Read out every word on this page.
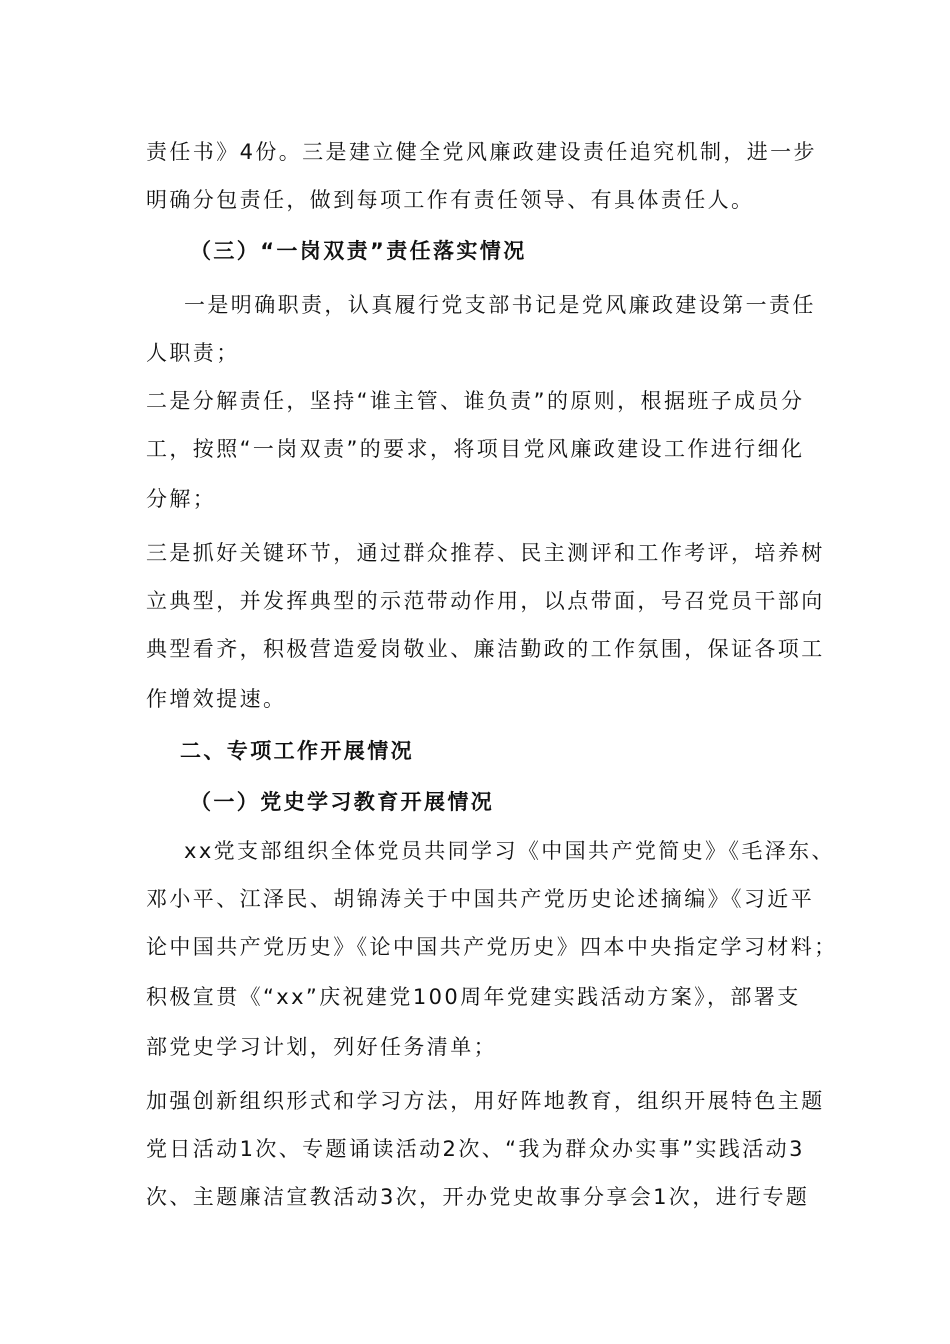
责任书》4份。三是建立健全党风廉政建设责任追究机制，进一步
明确分包责任，做到每项工作有责任领导、有具体责任人。
（三）“一岗双责”责任落实情况
一是明确职责，认真履行党支部书记是党风廉政建设第一责任
人职责；
二是分解责任，坚持“谁主管、谁负责”的原则，根据班子成员分
工，按照“一岗双责”的要求，将项目党风廉政建设工作进行细化
分解；
三是抓好关键环节，通过群众推荐、民主测评和工作考评，培养树
立典型，并发挥典型的示范带动作用，以点带面，号召党员干部向
典型看齐，积极营造爱岗敬业、廉洁勤政的工作氛围，保证各项工
作增效提速。
二、专项工作开展情况
（一）党史学习教育开展情况
xx党支部组织全体党员共同学习《中国共产党简史》《毛泽东、
邓小平、江泽民、胡锦涛关于中国共产党历史论述摘编》《习近平
论中国共产党历史》《论中国共产党历史》四本中央指定学习材料；
积极宣贯《“xx”庆祝建党100周年党建实践活动方案》，部署支
部党史学习计划，列好任务清单；
加强创新组织形式和学习方法，用好阵地教育，组织开展特色主题
党日活动1次、专题诵读活动2次、“我为群众办实事”实践活动3
次、主题廉洁宣教活动3次，开办党史故事分享会1次，进行专题
